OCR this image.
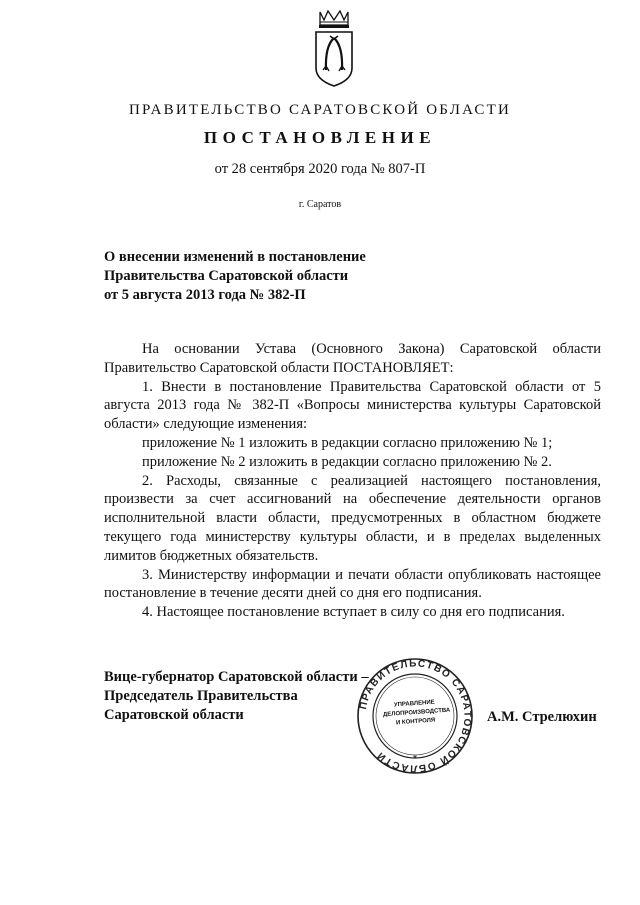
ПРАВИТЕЛЬСТВО САРАТОВСКОЙ ОБЛАСТИ
ПОСТАНОВЛЕНИЕ
от 28 сентября 2020 года № 807-П
г. Саратов
О внесении изменений в постановление
Правительства Саратовской области
от 5 августа 2013 года № 382-П

На основании Устава (Основного Закона) Саратовской области Правительство Саратовской области ПОСТАНОВЛЯЕТ:

1. Внести в постановление Правительства Саратовской области от 5 августа 2013 года № 382-П «Вопросы министерства культуры Саратовской области» следующие изменения:

приложение № 1 изложить в редакции согласно приложению № 1;

приложение № 2 изложить в редакции согласно приложению № 2.

2. Расходы, связанные с реализацией настоящего постановления, произвести за счет ассигнований на обеспечение деятельности органов исполнительной власти области, предусмотренных в областном бюджете текущего года министерству культуры области, и в пределах выделенных лимитов бюджетных обязательств.

3. Министерству информации и печати области опубликовать настоящее постановление в течение десяти дней со дня его подписания.

4. Настоящее постановление вступает в силу со дня его подписания.

Вице-губернатор Саратовской области –
Председатель Правительства
Саратовской области
ПРАВИТЕЛЬСТВО САРАТОВСКОЙ ОБЛАСТИ	*
УПРАВЛЕНИЕ
ДЕЛОПРОИЗВОДСТВА
И КОНТРОЛЯ	А.М. Стрелюхин
